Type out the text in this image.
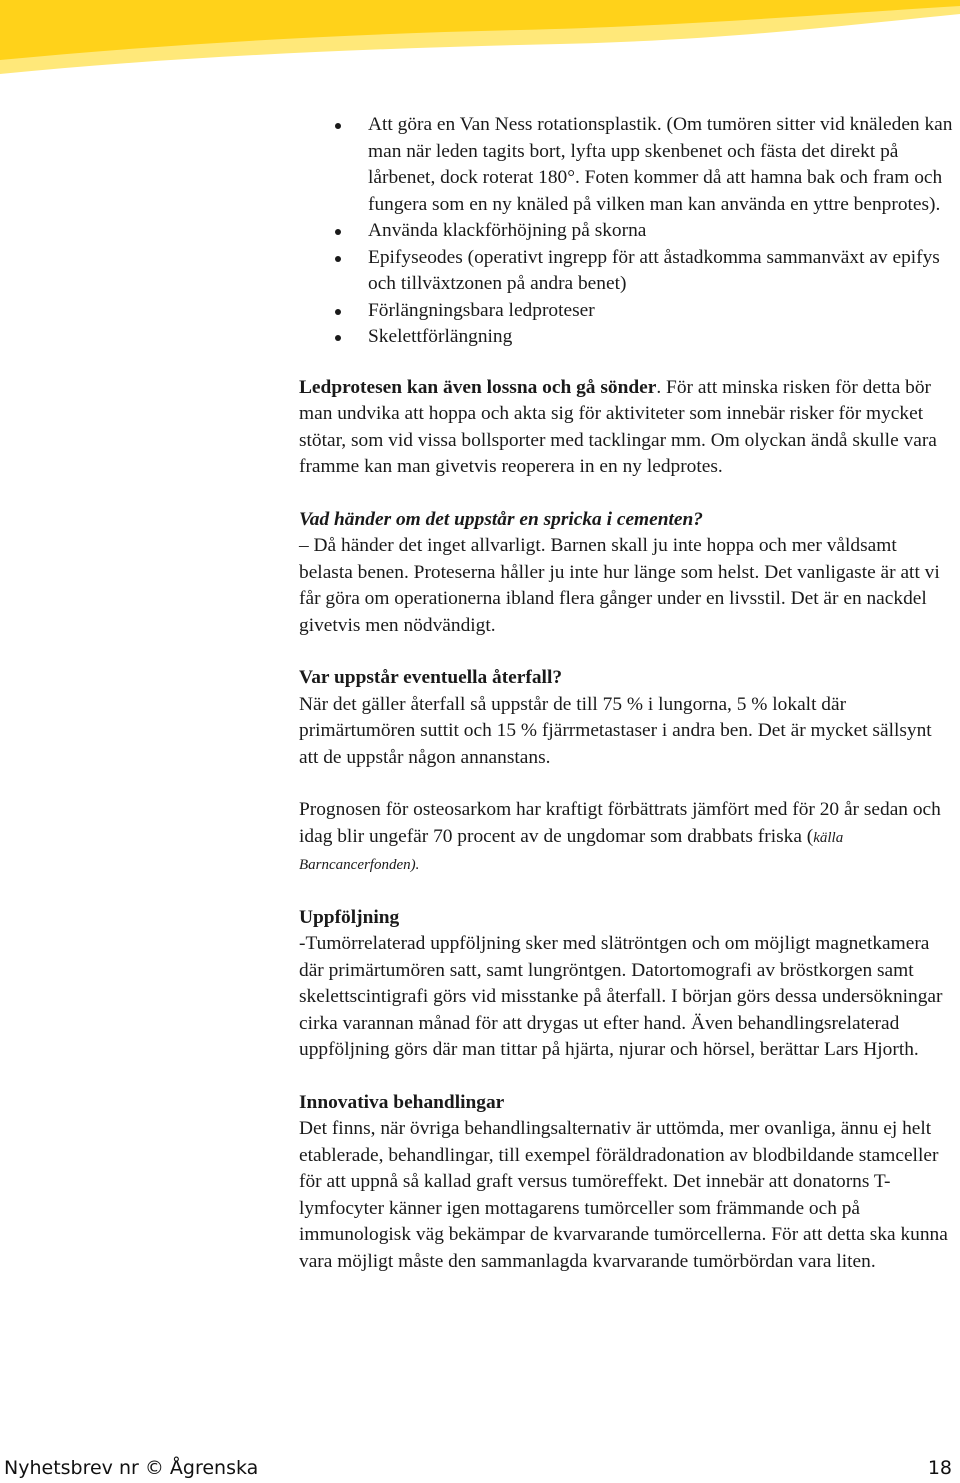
Att göra en Van Ness rotationsplastik. (Om tumören sitter vid knäleden kan man när leden tagits bort, lyfta upp skenbenet och fästa det direkt på lårbenet, dock roterat 180°. Foten kommer då att hamna bak och fram och fungera som en ny knäled på vilken man kan använda en yttre benprotes).
Använda klackförhöjning på skorna
Epifyseodes (operativt ingrepp för att åstadkomma sammanväxt av epifys och tillväxtzonen på andra benet)
Förlängningsbara ledproteser
Skelettförlängning

Ledprotesen kan även lossna och gå sönder. För att minska risken för detta bör man undvika att hoppa och akta sig för aktiviteter som innebär risker för mycket stötar, som vid vissa bollsporter med tacklingar mm. Om olyckan ändå skulle vara framme kan man givetvis reoperera in en ny ledprotes.

Vad händer om det uppstår en spricka i cementen?

– Då händer det inget allvarligt. Barnen skall ju inte hoppa och mer våldsamt belasta benen. Proteserna håller ju inte hur länge som helst. Det vanligaste är att vi får göra om operationerna ibland flera gånger under en livsstil. Det är en nackdel givetvis men nödvändigt.

Var uppstår eventuella återfall?

När det gäller återfall så uppstår de till 75 % i lungorna, 5 % lokalt där primärtumören suttit och 15 % fjärrmetastaser i andra ben. Det är mycket sällsynt att de uppstår någon annanstans.

Prognosen för osteosarkom har kraftigt förbättrats jämfört med för 20 år sedan och idag blir ungefär 70 procent av de ungdomar som drabbats friska (källa Barncancerfonden).

Uppföljning

-Tumörrelaterad uppföljning sker med slätröntgen och om möjligt magnetkamera där primärtumören satt, samt lungröntgen. Datortomografi av bröstkorgen samt skelettscintigrafi görs vid misstanke på återfall. I början görs dessa undersökningar cirka varannan månad för att drygas ut efter hand. Även behandlingsrelaterad uppföljning görs där man tittar på hjärta, njurar och hörsel, berättar Lars Hjorth.

Innovativa behandlingar

Det finns, när övriga behandlingsalternativ är uttömda, mer ovanliga, ännu ej helt etablerade, behandlingar, till exempel föräldradonation av blodbildande stamceller för att uppnå så kallad graft versus tumöreffekt. Det innebär att donatorns T-lymfocyter känner igen mottagarens tumörceller som främmande och på immunologisk väg bekämpar de kvarvarande tumörcellerna. För att detta ska kunna vara möjligt måste den sammanlagda kvarvarande tumörbördan vara liten.

Nyhetsbrev nr © Ågrenska	18
